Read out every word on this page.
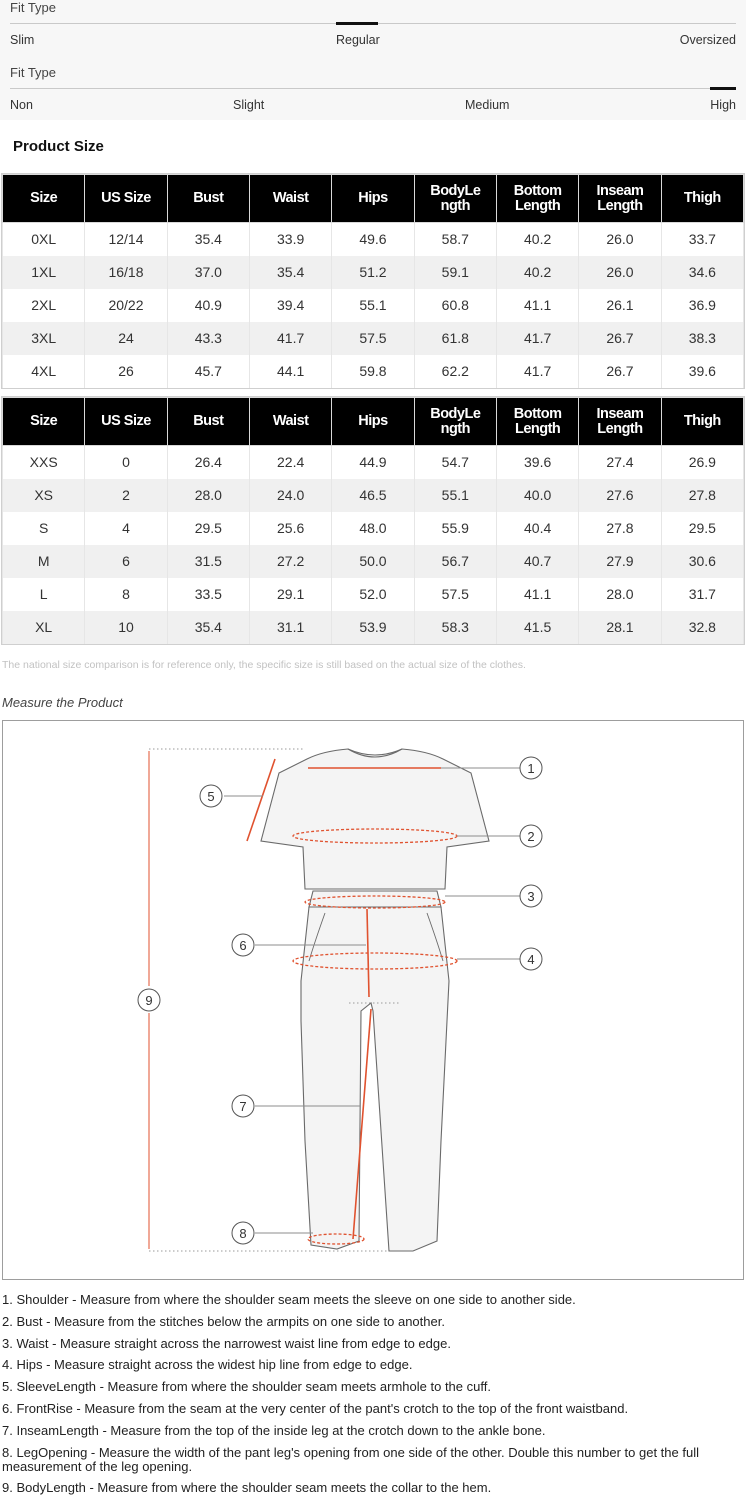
Fit Type
Slim	Regular	Oversized
Fit Type
Non	Slight	Medium	High
Product Size
Size	US Size	Bust	Waist	Hips	BodyLe ngth	Bottom Length	Inseam Length	Thigh
0XL	12/14	35.4	33.9	49.6	58.7	40.2	26.0	33.7
1XL	16/18	37.0	35.4	51.2	59.1	40.2	26.0	34.6
2XL	20/22	40.9	39.4	55.1	60.8	41.1	26.1	36.9
3XL	24	43.3	41.7	57.5	61.8	41.7	26.7	38.3
4XL	26	45.7	44.1	59.8	62.2	41.7	26.7	39.6
Size	US Size	Bust	Waist	Hips	BodyLe ngth	Bottom Length	Inseam Length	Thigh
XXS	0	26.4	22.4	44.9	54.7	39.6	27.4	26.9
XS	2	28.0	24.0	46.5	55.1	40.0	27.6	27.8
S	4	29.5	25.6	48.0	55.9	40.4	27.8	29.5
M	6	31.5	27.2	50.0	56.7	40.7	27.9	30.6
L	8	33.5	29.1	52.0	57.5	41.1	28.0	31.7
XL	10	35.4	31.1	53.9	58.3	41.5	28.1	32.8
The national size comparison is for reference only, the specific size is still based on the actual size of the clothes.
Measure the Product
1
2
3
4
5
6
7
8
9
1. Shoulder - Measure from where the shoulder seam meets the sleeve on one side to another side.
2. Bust - Measure from the stitches below the armpits on one side to another.
3. Waist - Measure straight across the narrowest waist line from edge to edge.
4. Hips - Measure straight across the widest hip line from edge to edge.
5. SleeveLength - Measure from where the shoulder seam meets armhole to the cuff.
6. FrontRise - Measure from the seam at the very center of the pant's crotch to the top of the front waistband.
7. InseamLength - Measure from the top of the inside leg at the crotch down to the ankle bone.
8. LegOpening - Measure the width of the pant leg's opening from one side of the other. Double this number to get the full measurement of the leg opening.
9. BodyLength - Measure from where the shoulder seam meets the collar to the hem.
